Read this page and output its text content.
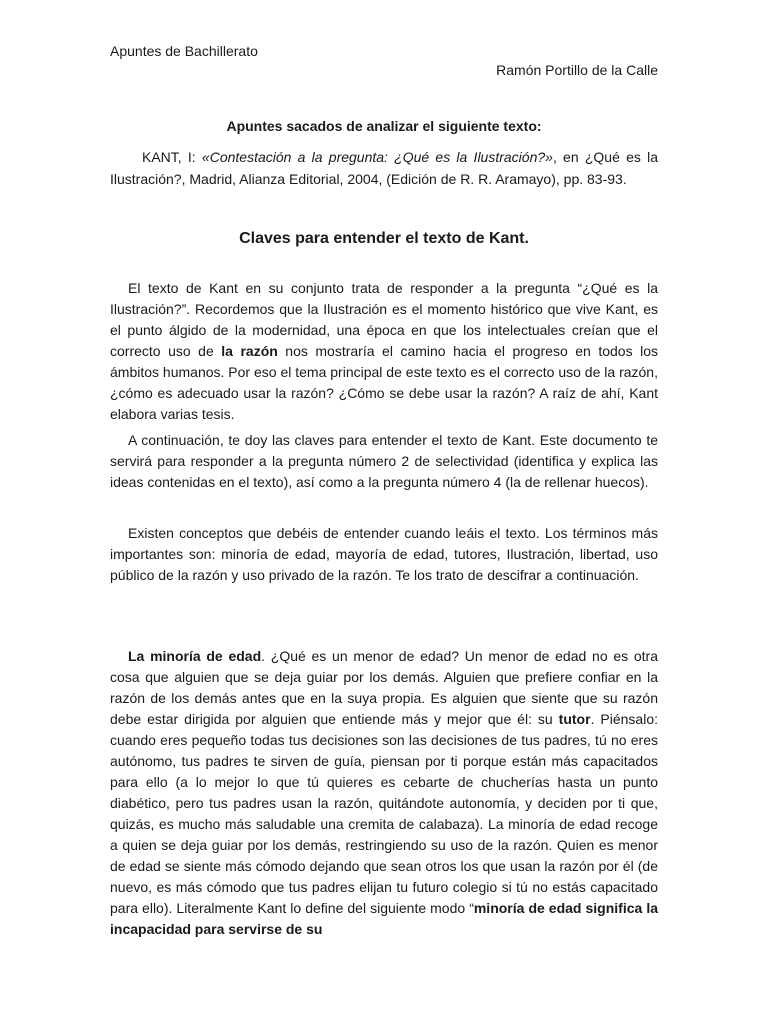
Apuntes de Bachillerato
Ramón Portillo de la Calle
Apuntes sacados de analizar el siguiente texto:
KANT, I: «Contestación a la pregunta: ¿Qué es la Ilustración?», en ¿Qué es la Ilustración?, Madrid, Alianza Editorial, 2004, (Edición de R. R. Aramayo), pp. 83-93.
Claves para entender el texto de Kant.

El texto de Kant en su conjunto trata de responder a la pregunta “¿Qué es la Ilustración?”. Recordemos que la Ilustración es el momento histórico que vive Kant, es el punto álgido de la modernidad, una época en que los intelectuales creían que el correcto uso de la razón nos mostraría el camino hacia el progreso en todos los ámbitos humanos. Por eso el tema principal de este texto es el correcto uso de la razón, ¿cómo es adecuado usar la razón? ¿Cómo se debe usar la razón? A raíz de ahí, Kant elabora varias tesis.

A continuación, te doy las claves para entender el texto de Kant. Este documento te servirá para responder a la pregunta número 2 de selectividad (identifica y explica las ideas contenidas en el texto), así como a la pregunta número 4 (la de rellenar huecos).

Existen conceptos que debéis de entender cuando leáis el texto. Los términos más importantes son: minoría de edad, mayoría de edad, tutores, Ilustración, libertad, uso público de la razón y uso privado de la razón. Te los trato de descifrar a continuación.

La minoría de edad. ¿Qué es un menor de edad? Un menor de edad no es otra cosa que alguien que se deja guiar por los demás. Alguien que prefiere confiar en la razón de los demás antes que en la suya propia. Es alguien que siente que su razón debe estar dirigida por alguien que entiende más y mejor que él: su tutor. Piénsalo: cuando eres pequeño todas tus decisiones son las decisiones de tus padres, tú no eres autónomo, tus padres te sirven de guía, piensan por ti porque están más capacitados para ello (a lo mejor lo que tú quieres es cebarte de chucherías hasta un punto diabético, pero tus padres usan la razón, quitándote autonomía, y deciden por ti que, quizás, es mucho más saludable una cremita de calabaza). La minoría de edad recoge a quien se deja guiar por los demás, restringiendo su uso de la razón. Quien es menor de edad se siente más cómodo dejando que sean otros los que usan la razón por él (de nuevo, es más cómodo que tus padres elijan tu futuro colegio si tú no estás capacitado para ello). Literalmente Kant lo define del siguiente modo “minoría de edad significa la incapacidad para servirse de su
